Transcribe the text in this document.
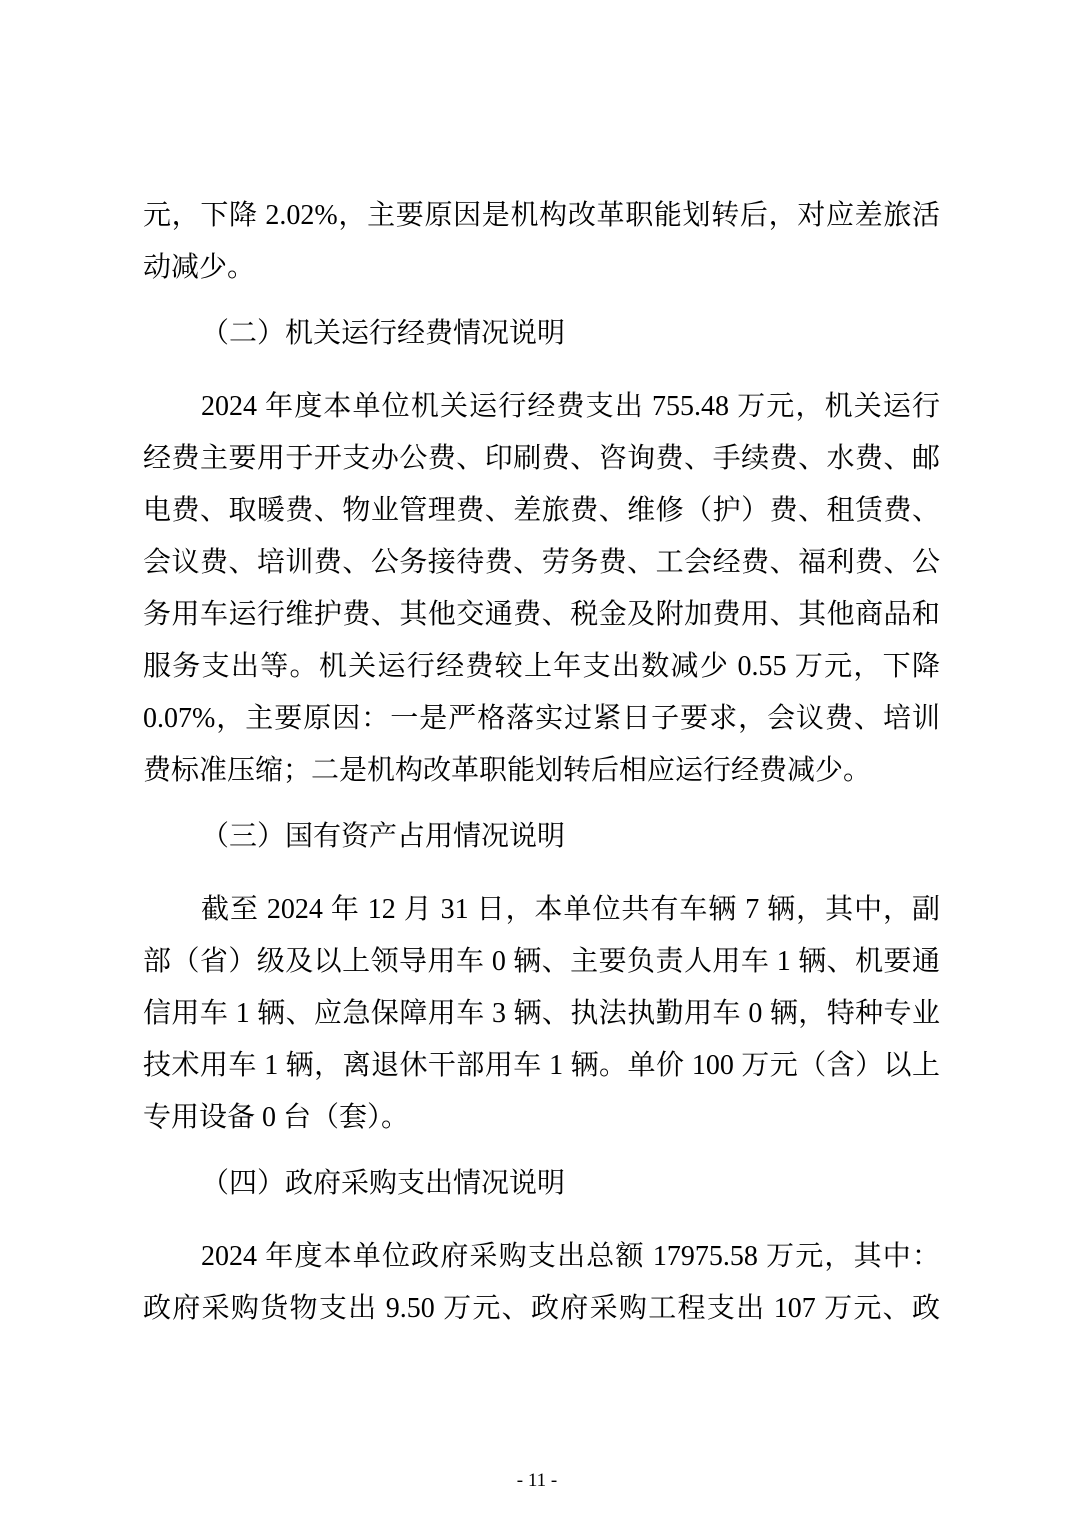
元，下降 2.02%，主要原因是机构改革职能划转后，对应差旅活
动减少。
（二）机关运行经费情况说明
2024 年度本单位机关运行经费支出 755.48 万元，机关运行
经费主要用于开支办公费、印刷费、咨询费、手续费、水费、邮
电费、取暖费、物业管理费、差旅费、维修（护）费、租赁费、
会议费、培训费、公务接待费、劳务费、工会经费、福利费、公
务用车运行维护费、其他交通费、税金及附加费用、其他商品和
服务支出等。机关运行经费较上年支出数减少 0.55 万元，下降
0.07%，主要原因：一是严格落实过紧日子要求，会议费、培训
费标准压缩；二是机构改革职能划转后相应运行经费减少。
（三）国有资产占用情况说明
截至 2024 年 12 月 31 日，本单位共有车辆 7 辆，其中，副
部（省）级及以上领导用车 0 辆、主要负责人用车 1 辆、机要通
信用车 1 辆、应急保障用车 3 辆、执法执勤用车 0 辆，特种专业
技术用车 1 辆，离退休干部用车 1 辆。单价 100 万元（含）以上
专用设备 0 台（套）。
（四）政府采购支出情况说明
2024 年度本单位政府采购支出总额 17975.58 万元，其中：
政府采购货物支出 9.50 万元、政府采购工程支出 107 万元、政
- 11 -
